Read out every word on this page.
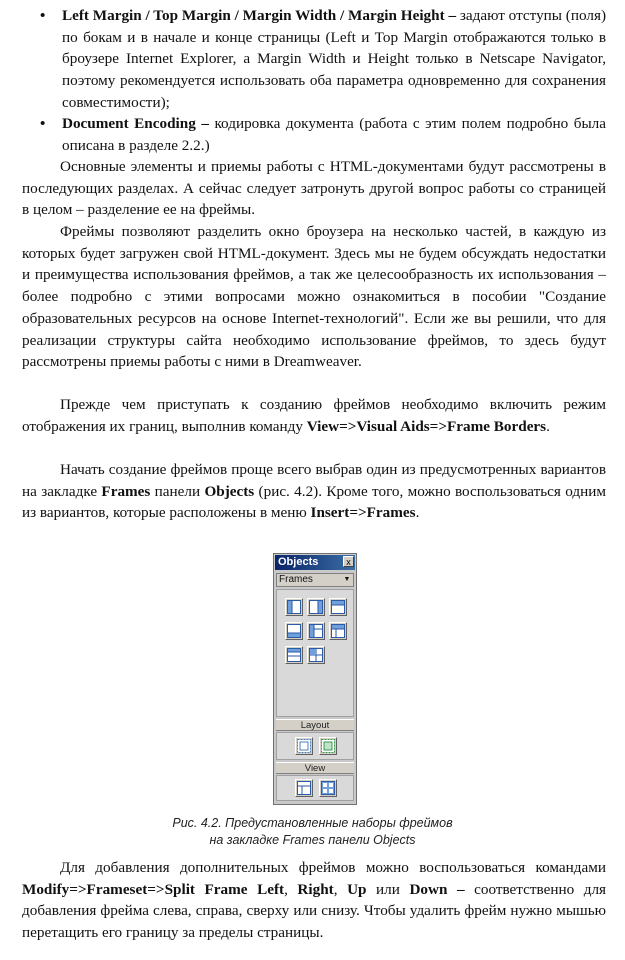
• Left Margin / Top Margin / Margin Width / Margin Height – задают отступы (поля) по бокам и в начале и конце страницы (Left и Top Margin отображаются только в броузере Internet Explorer, а Margin Width и Height только в Netscape Navigator, поэтому рекомендуется использовать оба параметра одновременно для сохранения совместимости);
• Document Encoding – кодировка документа (работа с этим полем подробно была описана в разделе 2.2.)

Основные элементы и приемы работы с HTML-документами будут рассмотрены в последующих разделах. А сейчас следует затронуть другой вопрос работы со страницей в целом – разделение ее на фреймы.

Фреймы позволяют разделить окно броузера на несколько частей, в каждую из которых будет загружен свой HTML-документ. Здесь мы не будем обсуждать недостатки и преимущества использования фреймов, а так же целесообразность их использования – более подробно с этими вопросами можно ознакомиться в пособии "Создание образовательных ресурсов на основе Internet-технологий". Если же вы решили, что для реализации структуры сайта необходимо использование фреймов, то здесь будут рассмотрены приемы работы с ними в Dreamweaver.

Прежде чем приступать к созданию фреймов необходимо включить режим отображения их границ, выполнив команду View=>Visual Aids=>Frame Borders.

Начать создание фреймов проще всего выбрав один из предусмотренных вариантов на закладке Frames панели Objects (рис. 4.2). Кроме того, можно воспользоваться одним из вариантов, которые расположены в меню Insert=>Frames.

Objects	x
Frames	▼
Layout
View
Рис. 4.2. Предустановленные наборы фреймов
на закладке Frames панели Objects

Для добавления дополнительных фреймов можно воспользоваться командами Modify=>Frameset=>Split Frame Left, Right, Up или Down – соответственно для добавления фрейма слева, справа, сверху или снизу. Чтобы удалить фрейм нужно мышью перетащить его границу за пределы страницы.
